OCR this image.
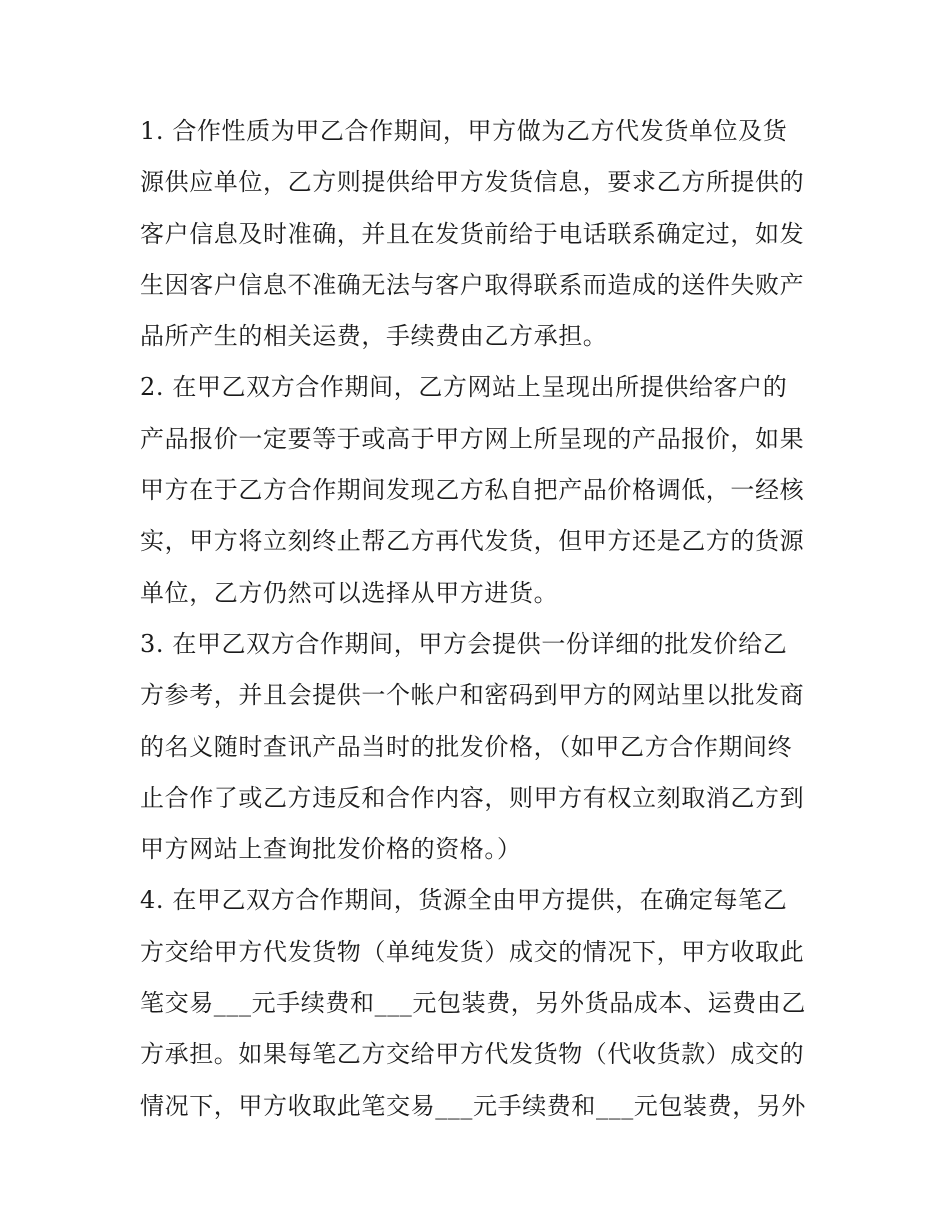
1. 合作性质为甲乙合作期间，甲方做为乙方代发货单位及货
源供应单位，乙方则提供给甲方发货信息，要求乙方所提供的
客户信息及时准确，并且在发货前给于电话联系确定过，如发
生因客户信息不准确无法与客户取得联系而造成的送件失败产
品所产生的相关运费，手续费由乙方承担。
2. 在甲乙双方合作期间，乙方网站上呈现出所提供给客户的
产品报价一定要等于或高于甲方网上所呈现的产品报价，如果
甲方在于乙方合作期间发现乙方私自把产品价格调低，一经核
实，甲方将立刻终止帮乙方再代发货，但甲方还是乙方的货源
单位，乙方仍然可以选择从甲方进货。
3. 在甲乙双方合作期间，甲方会提供一份详细的批发价给乙
方参考，并且会提供一个帐户和密码到甲方的网站里以批发商
的名义随时查讯产品当时的批发价格，（如甲乙方合作期间终
止合作了或乙方违反和合作内容，则甲方有权立刻取消乙方到
甲方网站上查询批发价格的资格。）
4. 在甲乙双方合作期间，货源全由甲方提供，在确定每笔乙
方交给甲方代发货物（单纯发货）成交的情况下，甲方收取此
笔交易___元手续费和___元包装费，另外货品成本、运费由乙
方承担。如果每笔乙方交给甲方代发货物（代收货款）成交的
情况下，甲方收取此笔交易___元手续费和___元包装费，另外
